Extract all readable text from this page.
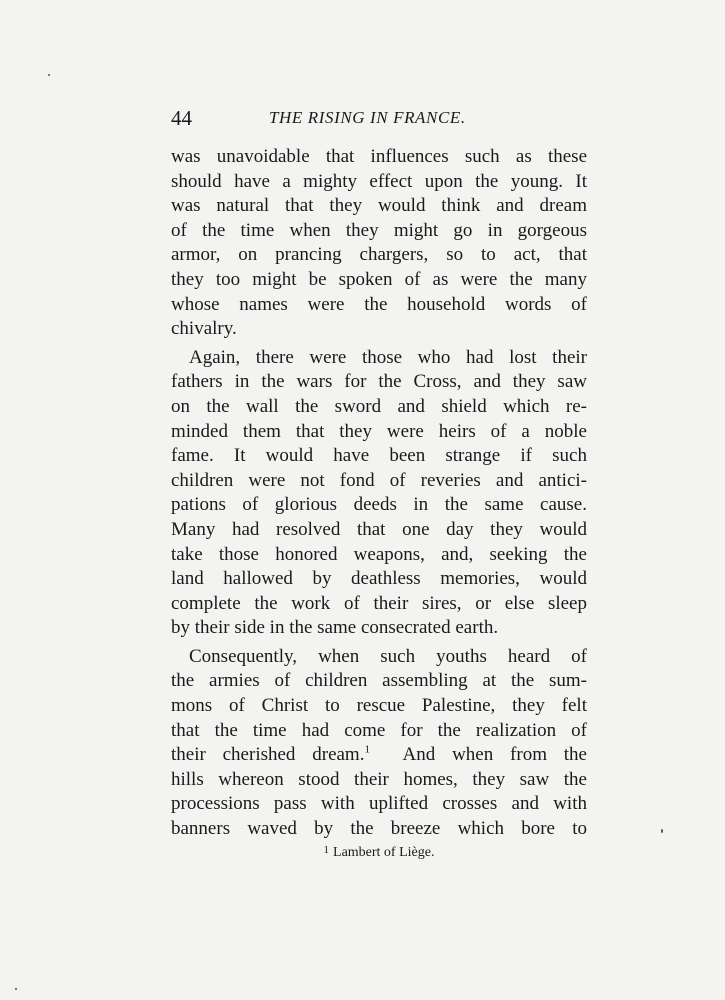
44	THE RISING IN FRANCE.
was unavoidable that influences such as these
should have a mighty effect upon the young. It
was natural that they would think and dream
of the time when they might go in gorgeous
armor, on prancing chargers, so to act, that
they too might be spoken of as were the many
whose names were the household words of
chivalry.
Again, there were those who had lost their
fathers in the wars for the Cross, and they saw
on the wall the sword and shield which re-
minded them that they were heirs of a noble
fame. It would have been strange if such
children were not fond of reveries and antici-
pations of glorious deeds in the same cause.
Many had resolved that one day they would
take those honored weapons, and, seeking the
land hallowed by deathless memories, would
complete the work of their sires, or else sleep
by their side in the same consecrated earth.
Consequently, when such youths heard of
the armies of children assembling at the sum-
mons of Christ to rescue Palestine, they felt
that the time had come for the realization of
their cherished dream.$^1$  And when from the
hills whereon stood their homes, they saw the
processions pass with uplifted crosses and with
banners waved by the breeze which bore to
$^1$ Lambert of Liège.
